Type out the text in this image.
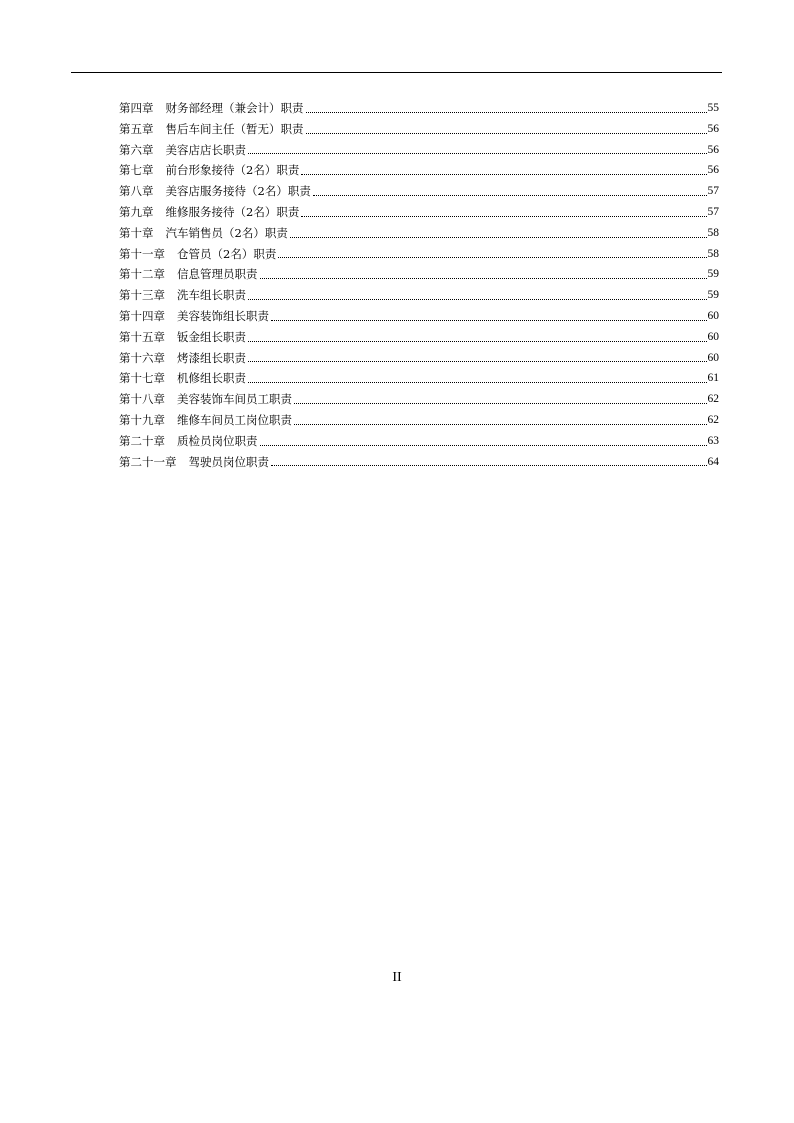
第四章 财务部经理（兼会计）职责	55
第五章 售后车间主任（暂无）职责	56
第六章 美容店店长职责	56
第七章 前台形象接待（2名）职责	56
第八章 美容店服务接待（2名）职责	57
第九章 维修服务接待（2名）职责	57
第十章 汽车销售员（2名）职责	58
第十一章 仓管员（2名）职责	58
第十二章 信息管理员职责	59
第十三章 洗车组长职责	59
第十四章 美容装饰组长职责	60
第十五章 钣金组长职责	60
第十六章 烤漆组长职责	60
第十七章 机修组长职责	61
第十八章 美容装饰车间员工职责	62
第十九章 维修车间员工岗位职责	62
第二十章 质检员岗位职责	63
第二十一章 驾驶员岗位职责	64
II
